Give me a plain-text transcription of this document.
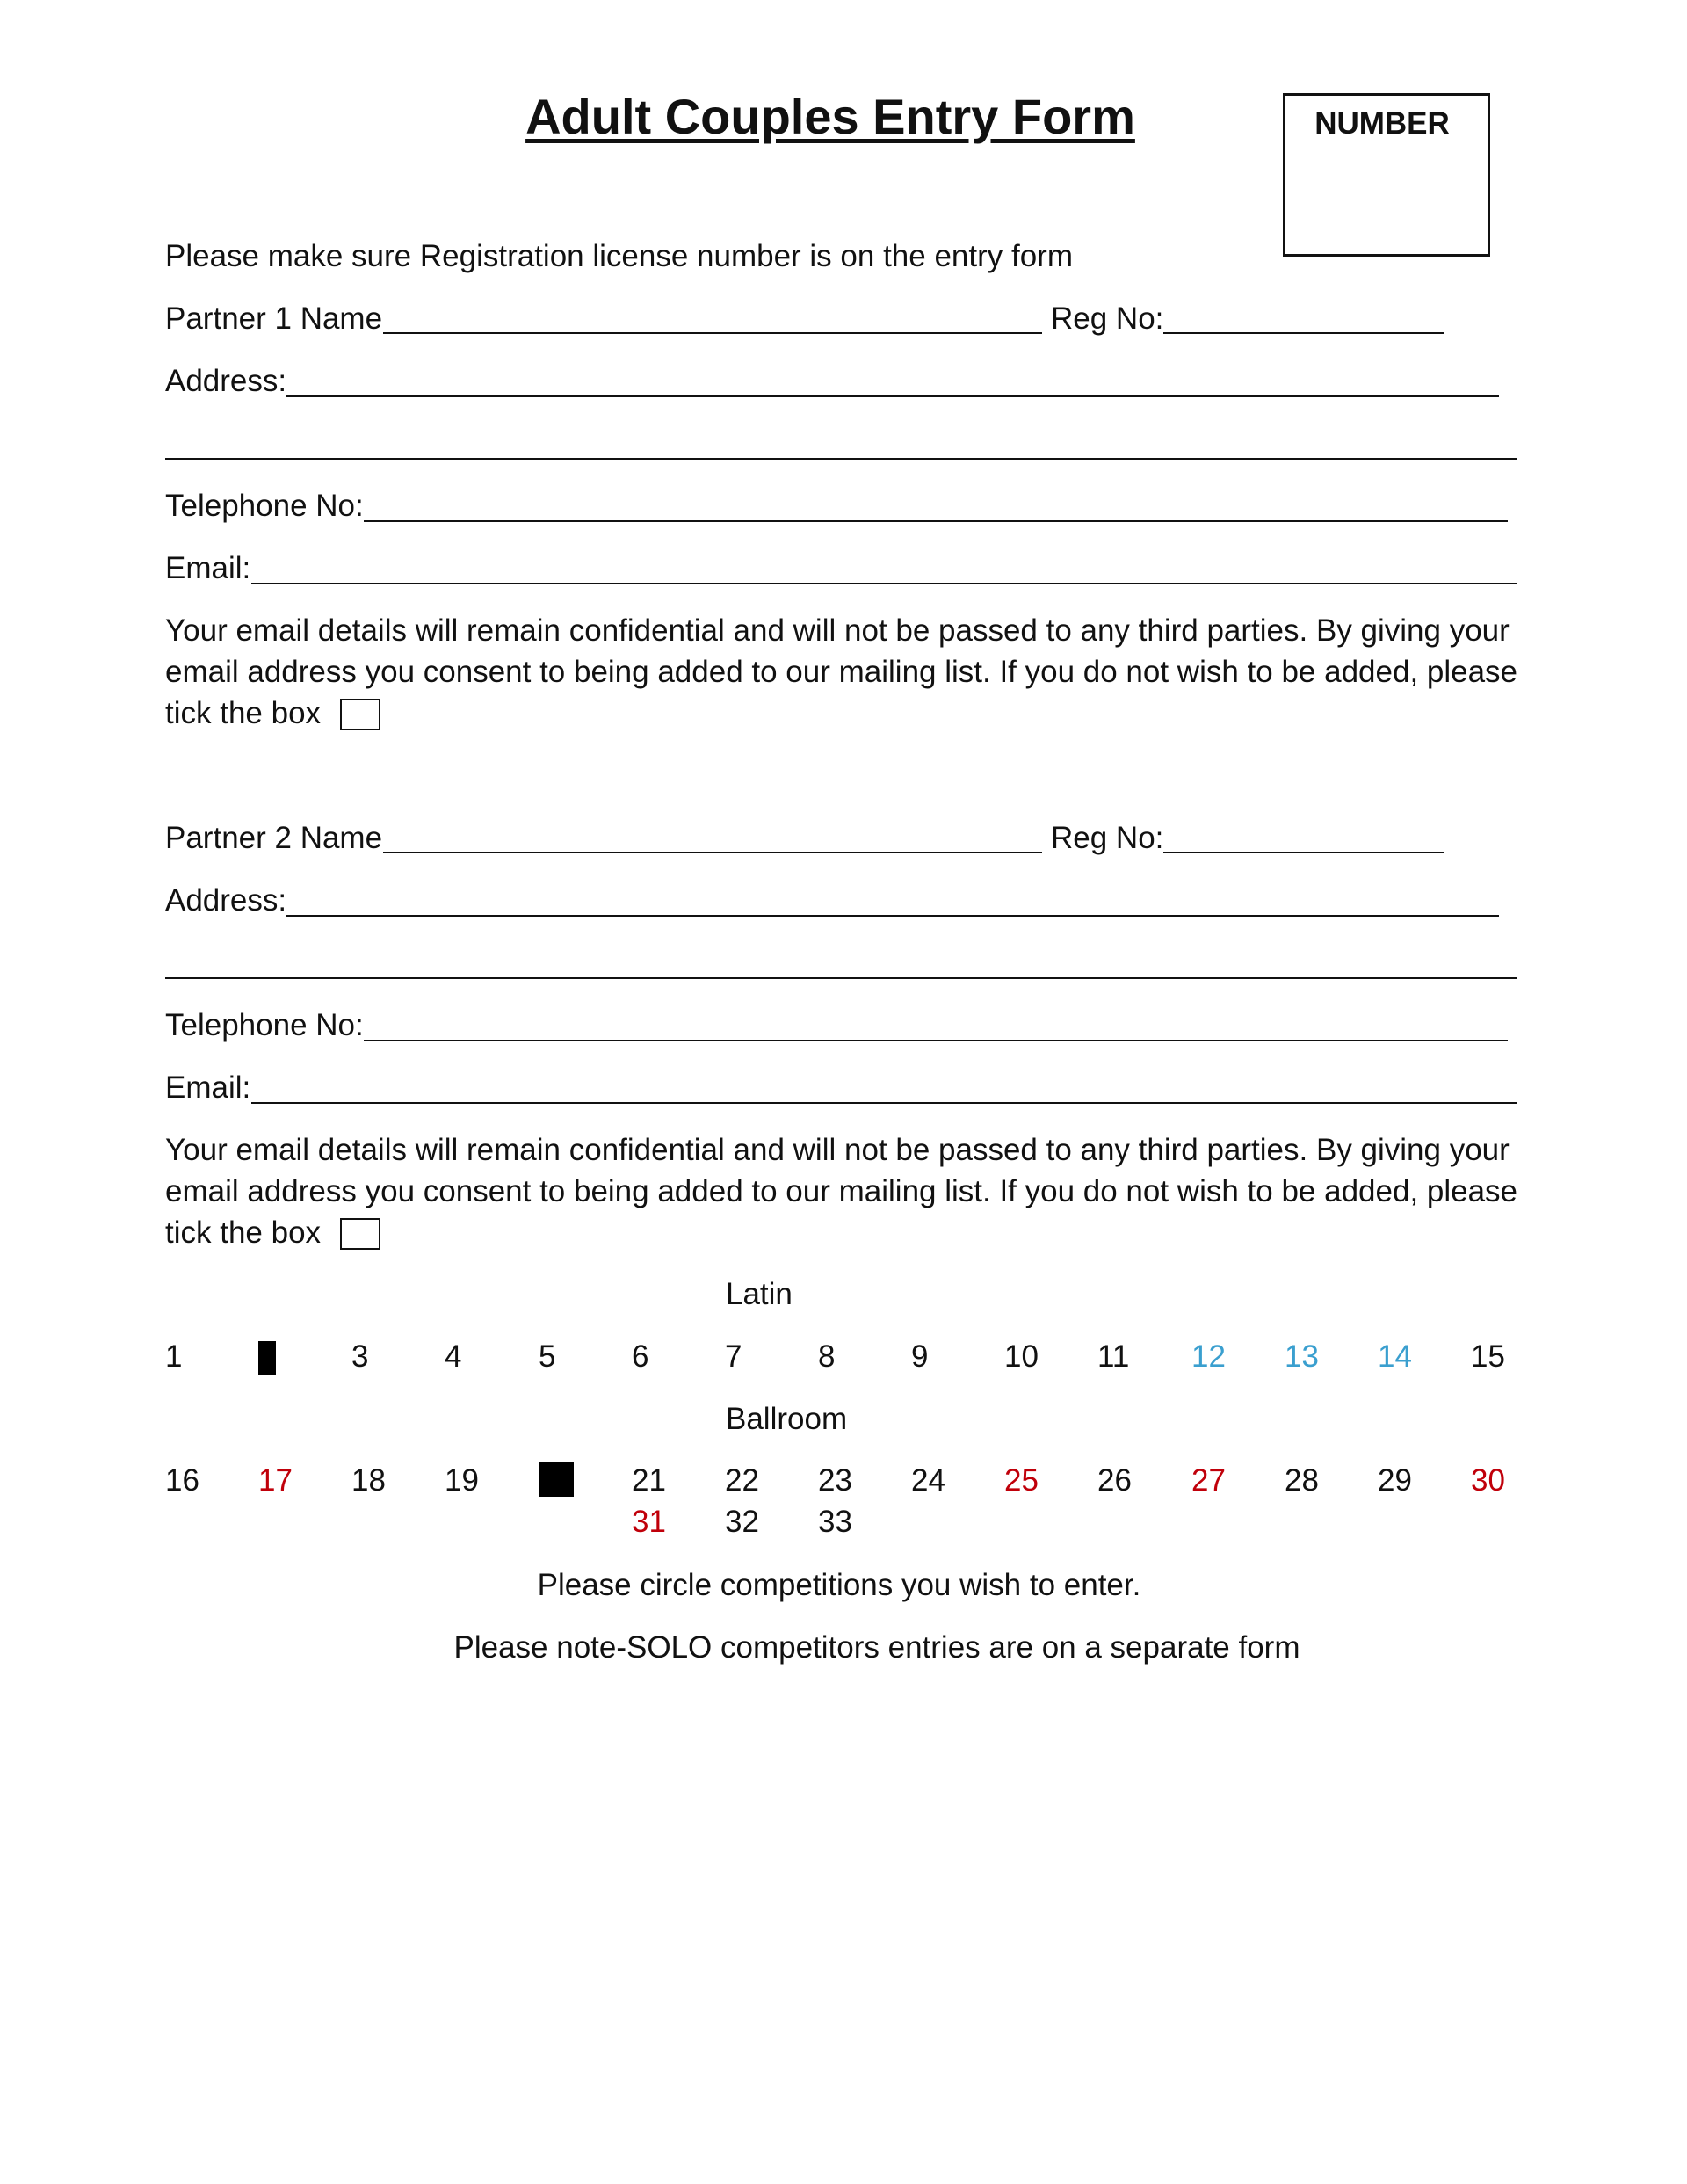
Adult Couples Entry Form	NUMBER
Please make sure Registration license number is on the entry form
Partner 1 Name	Reg No:
Address:
Telephone No:
Email:
Your email details will remain confidential and will not be passed to any third parties. By giving your email address you consent to being added to our mailing list. If you do not wish to be added, please tick the box
Partner 2 Name	Reg No:
Address:
Telephone No:
Email:
Your email details will remain confidential and will not be passed to any third parties. By giving your email address you consent to being added to our mailing list. If you do not wish to be added, please tick the box
Latin
1	3 4	5 6 7 8 9 10 11 12 13 14 15
Ballroom
16 17 18 19	21 22 23 24 25 26 27 28 29 30
31 32 33
Please circle competitions you wish to enter.
Please note-SOLO competitors entries are on a separate form
